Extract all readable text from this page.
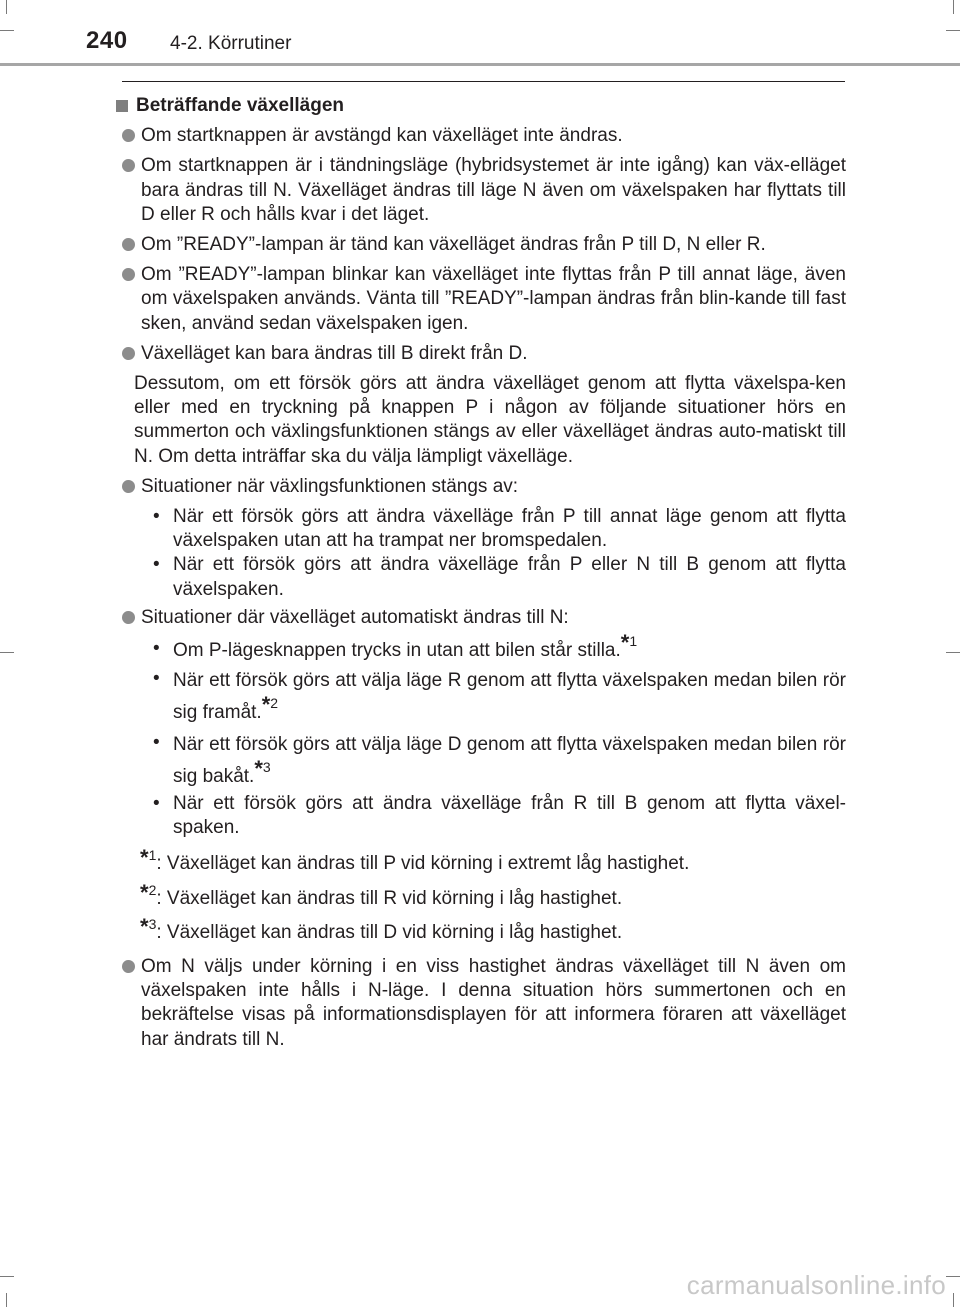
240 4-2. Körrutiner
Beträffande växellägen
Om startknappen är avstängd kan växelläget inte ändras.
Om startknappen är i tändningsläge (hybridsystemet är inte igång) kan väx-elläget bara ändras till N. Växelläget ändras till läge N även om växelspaken har flyttats till D eller R och hålls kvar i det läget.
Om ”READY”-lampan är tänd kan växelläget ändras från P till D, N eller R.
Om ”READY”-lampan blinkar kan växelläget inte flyttas från P till annat läge, även om växelspaken används. Vänta till ”READY”-lampan ändras från blin-kande till fast sken, använd sedan växelspaken igen.
Växelläget kan bara ändras till B direkt från D.
Dessutom, om ett försök görs att ändra växelläget genom att flytta växelspa-ken eller med en tryckning på knappen P i någon av följande situationer hörs en summerton och växlingsfunktionen stängs av eller växelläget ändras auto-matiskt till N. Om detta inträffar ska du välja lämpligt växelläge.
Situationer när växlingsfunktionen stängs av:
• När ett försök görs att ändra växelläge från P till annat läge genom att flytta växelspaken utan att ha trampat ner bromspedalen.
• När ett försök görs att ändra växelläge från P eller N till B genom att flytta växelspaken.
Situationer där växelläget automatiskt ändras till N:
• Om P-lägesknappen trycks in utan att bilen står stilla.*$^1$
• När ett försök görs att välja läge R genom att flytta växelspaken medan bilen rör sig framåt.*$^2$
• När ett försök görs att välja läge D genom att flytta växelspaken medan bilen rör sig bakåt.*$^3$
• När ett försök görs att ändra växelläge från R till B genom att flytta växel-spaken.
*$^1$: Växelläget kan ändras till P vid körning i extremt låg hastighet.
*$^2$: Växelläget kan ändras till R vid körning i låg hastighet.
*$^3$: Växelläget kan ändras till D vid körning i låg hastighet.
Om N väljs under körning i en viss hastighet ändras växelläget till N även om växelspaken inte hålls i N-läge. I denna situation hörs summertonen och en bekräftelse visas på informationsdisplayen för att informera föraren att växelläget har ändrats till N.
carmanualsonline.info
